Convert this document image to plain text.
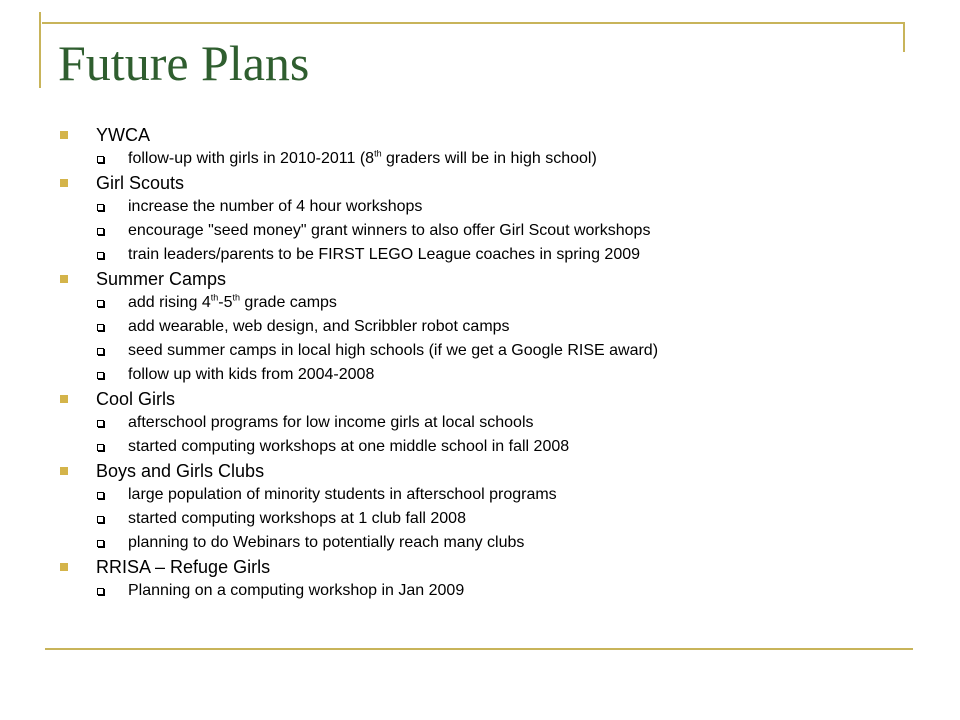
Future Plans
YWCA
follow-up with girls in 2010-2011 (8th graders will be in high school)
Girl Scouts
increase the number of 4 hour workshops
encourage "seed money" grant winners to also offer Girl Scout workshops
train leaders/parents to be FIRST LEGO League coaches in spring 2009
Summer Camps
add rising 4th-5th grade camps
add wearable, web design, and Scribbler robot camps
seed summer camps in local high schools (if we get a Google RISE award)
follow up with kids from 2004-2008
Cool Girls
afterschool programs for low income girls at local schools
started computing workshops at one middle school in fall 2008
Boys and Girls Clubs
large population of minority students in afterschool programs
started computing workshops at 1 club fall 2008
planning to do Webinars to potentially reach many clubs
RRISA – Refuge Girls
Planning on a computing workshop in Jan 2009
